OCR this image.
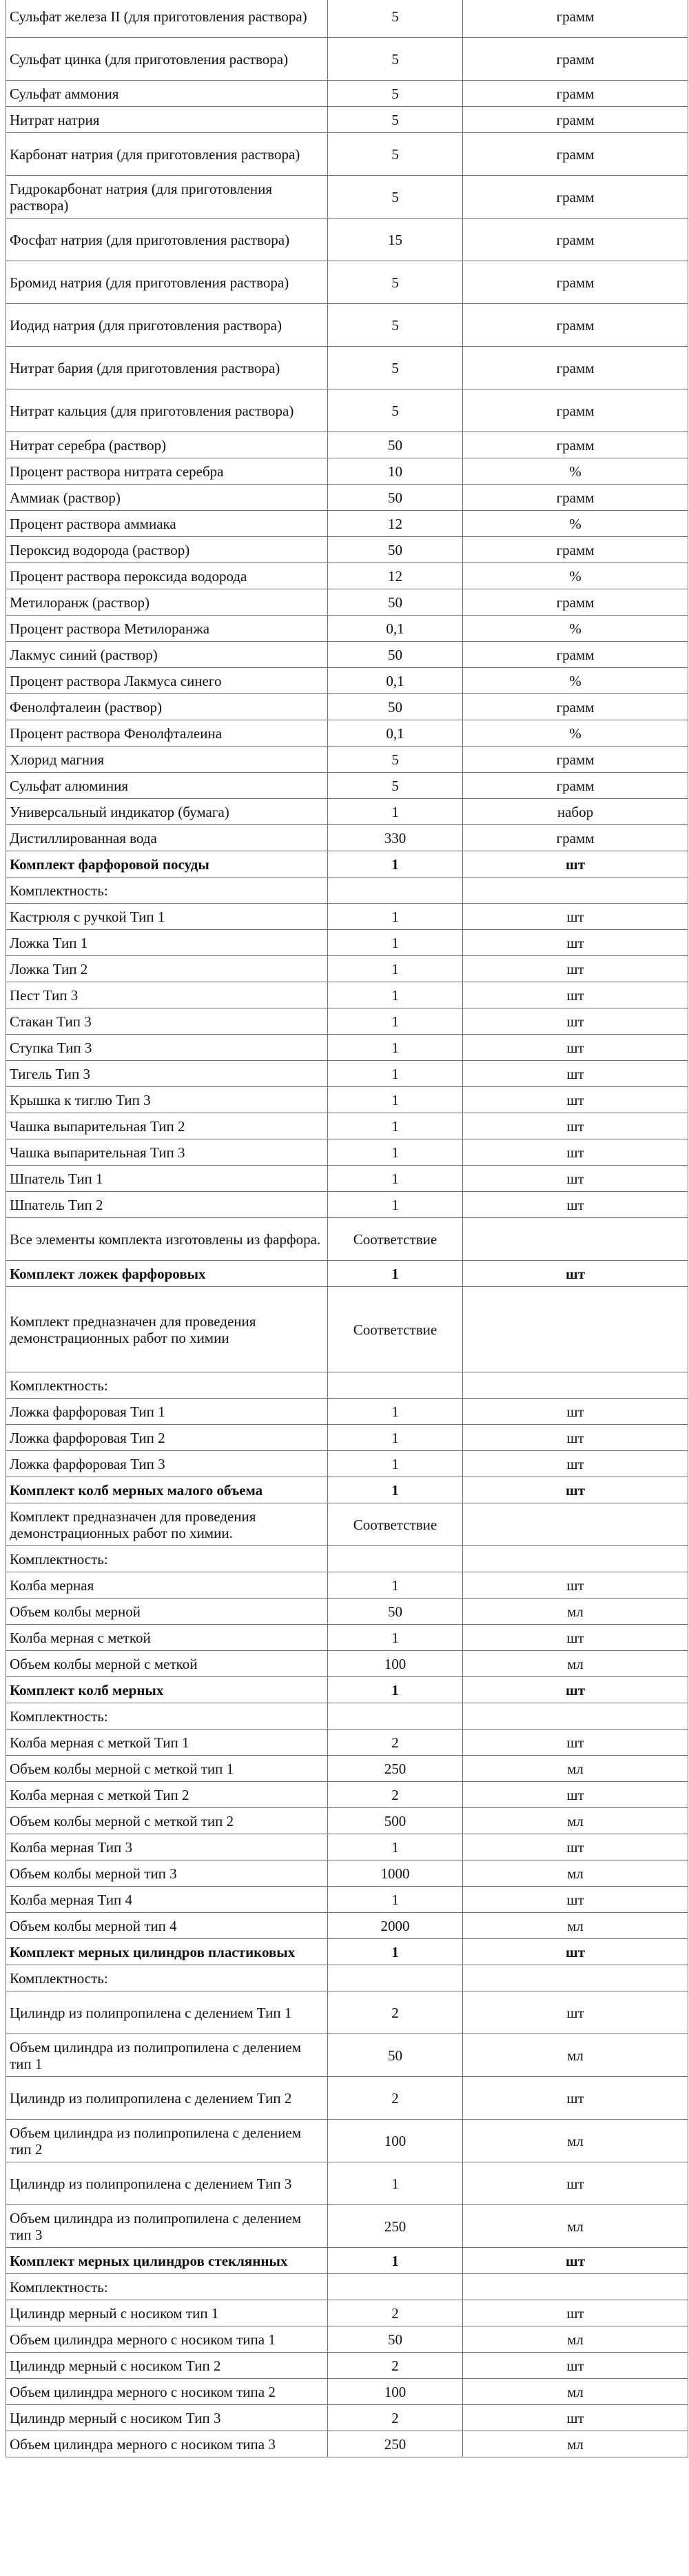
Сульфат железа II (для приготовления раствора)	5	грамм
Сульфат цинка (для приготовления раствора)	5	грамм
Сульфат аммония	5	грамм
Нитрат натрия	5	грамм
Карбонат натрия (для приготовления раствора)	5	грамм
Гидрокарбонат натрия (для приготовления раствора)	5	грамм
Фосфат натрия (для приготовления раствора)	15	грамм
Бромид натрия (для приготовления раствора)	5	грамм
Иодид натрия (для приготовления раствора)	5	грамм
Нитрат бария (для приготовления раствора)	5	грамм
Нитрат кальция (для приготовления раствора)	5	грамм
Нитрат серебра (раствор)	50	грамм
Процент раствора нитрата серебра	10	%
Аммиак (раствор)	50	грамм
Процент раствора аммиака	12	%
Пероксид водорода (раствор)	50	грамм
Процент раствора пероксида водорода	12	%
Метилоранж (раствор)	50	грамм
Процент раствора Метилоранжа	0,1	%
Лакмус синий (раствор)	50	грамм
Процент раствора Лакмуса синего	0,1	%
Фенолфталеин (раствор)	50	грамм
Процент раствора Фенолфталеина	0,1	%
Хлорид магния	5	грамм
Сульфат алюминия	5	грамм
Универсальный индикатор (бумага)	1	набор
Дистиллированная вода	330	грамм
Комплект фарфоровой посуды	1	шт
Комплектность:		
Кастрюля с ручкой Тип 1	1	шт
Ложка Тип 1	1	шт
Ложка Тип 2	1	шт
Пест Тип 3	1	шт
Стакан Тип 3	1	шт
Ступка Тип 3	1	шт
Тигель Тип 3	1	шт
Крышка к тиглю Тип 3	1	шт
Чашка выпарительная Тип 2	1	шт
Чашка выпарительная Тип 3	1	шт
Шпатель Тип 1	1	шт
Шпатель Тип 2	1	шт
Все элементы комплекта изготовлены из фарфора.	Соответствие	
Комплект ложек фарфоровых	1	шт
Комплект предназначен для проведения демонстрационных работ по химии	Соответствие	
Комплектность:		
Ложка фарфоровая Тип 1	1	шт
Ложка фарфоровая Тип 2	1	шт
Ложка фарфоровая Тип 3	1	шт
Комплект колб мерных малого объема	1	шт
Комплект предназначен для проведения демонстрационных работ по химии.	Соответствие	
Комплектность:		
Колба мерная	1	шт
Объем колбы мерной	50	мл
Колба мерная с меткой	1	шт
Объем колбы мерной с меткой	100	мл
Комплект колб мерных	1	шт
Комплектность:		
Колба мерная с меткой Тип 1	2	шт
Объем колбы мерной с меткой тип 1	250	мл
Колба мерная с меткой Тип 2	2	шт
Объем колбы мерной с меткой тип 2	500	мл
Колба мерная Тип 3	1	шт
Объем колбы мерной тип 3	1000	мл
Колба мерная Тип 4	1	шт
Объем колбы мерной тип 4	2000	мл
Комплект мерных цилиндров пластиковых	1	шт
Комплектность:		
Цилиндр из полипропилена с делением Тип 1	2	шт
Объем цилиндра из полипропилена с делением тип 1	50	мл
Цилиндр из полипропилена с делением Тип 2	2	шт
Объем цилиндра из полипропилена с делением тип 2	100	мл
Цилиндр из полипропилена с делением Тип 3	1	шт
Объем цилиндра из полипропилена с делением тип 3	250	мл
Комплект мерных цилиндров стеклянных	1	шт
Комплектность:		
Цилиндр мерный с носиком тип 1	2	шт
Объем цилиндра мерного с носиком типа 1	50	мл
Цилиндр мерный с носиком Тип 2	2	шт
Объем цилиндра мерного с носиком типа 2	100	мл
Цилиндр мерный с носиком Тип 3	2	шт
Объем цилиндра мерного с носиком типа 3	250	мл
